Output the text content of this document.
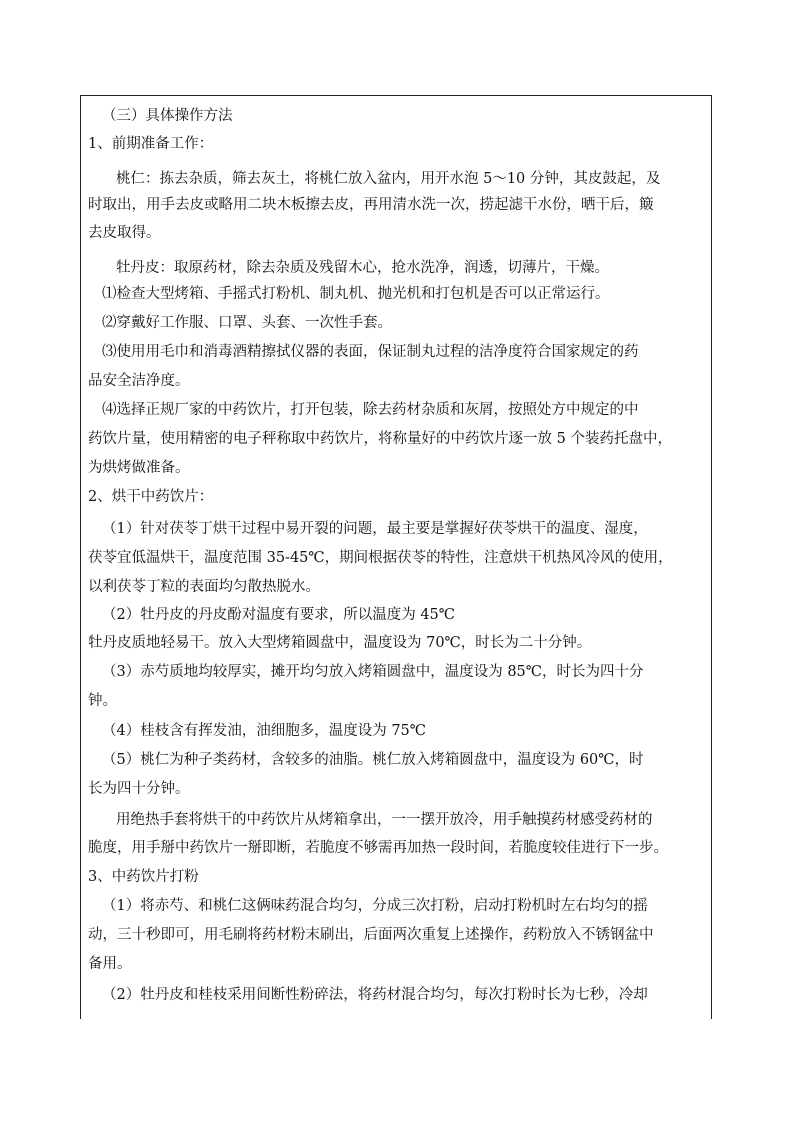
（三）具体操作方法
1、前期准备工作：
桃仁：拣去杂质，筛去灰土，将桃仁放入盆内，用开水泡 5～10 分钟，其皮鼓起，及
时取出，用手去皮或略用二块木板擦去皮，再用清水洗一次，捞起滤干水份，晒干后，簸
去皮取得。
牡丹皮：取原药材，除去杂质及残留木心，抢水洗净，润透，切薄片，干燥。
⑴检查大型烤箱、手摇式打粉机、制丸机、抛光机和打包机是否可以正常运行。
⑵穿戴好工作服、口罩、头套、一次性手套。
⑶使用用毛巾和消毒酒精擦拭仪器的表面，保证制丸过程的洁净度符合国家规定的药
品安全洁净度。
⑷选择正规厂家的中药饮片，打开包装，除去药材杂质和灰屑，按照处方中规定的中
药饮片量，使用精密的电子秤称取中药饮片，将称量好的中药饮片逐一放 5 个装药托盘中，
为烘烤做准备。
2、烘干中药饮片：
（1）针对茯苓丁烘干过程中易开裂的问题，最主要是掌握好茯苓烘干的温度、湿度，
茯苓宜低温烘干，温度范围 35-45℃，期间根据茯苓的特性，注意烘干机热风冷风的使用，
以利茯苓丁粒的表面均匀散热脱水。
（2）牡丹皮的丹皮酚对温度有要求，所以温度为 45℃
牡丹皮质地轻易干。放入大型烤箱圆盘中，温度设为 70℃，时长为二十分钟。
（3）赤芍质地均较厚实，摊开均匀放入烤箱圆盘中，温度设为 85℃，时长为四十分
钟。
（4）桂枝含有挥发油，油细胞多，温度设为 75℃
（5）桃仁为种子类药材，含较多的油脂。桃仁放入烤箱圆盘中，温度设为 60℃，时
长为四十分钟。
用绝热手套将烘干的中药饮片从烤箱拿出，一一摆开放冷，用手触摸药材感受药材的
脆度，用手掰中药饮片一掰即断，若脆度不够需再加热一段时间，若脆度较佳进行下一步。
3、中药饮片打粉
（1）将赤芍、和桃仁这俩味药混合均匀，分成三次打粉，启动打粉机时左右均匀的摇
动，三十秒即可，用毛刷将药材粉末刷出，后面两次重复上述操作，药粉放入不锈钢盆中
备用。
（2）牡丹皮和桂枝采用间断性粉碎法，将药材混合均匀，每次打粉时长为七秒，冷却
